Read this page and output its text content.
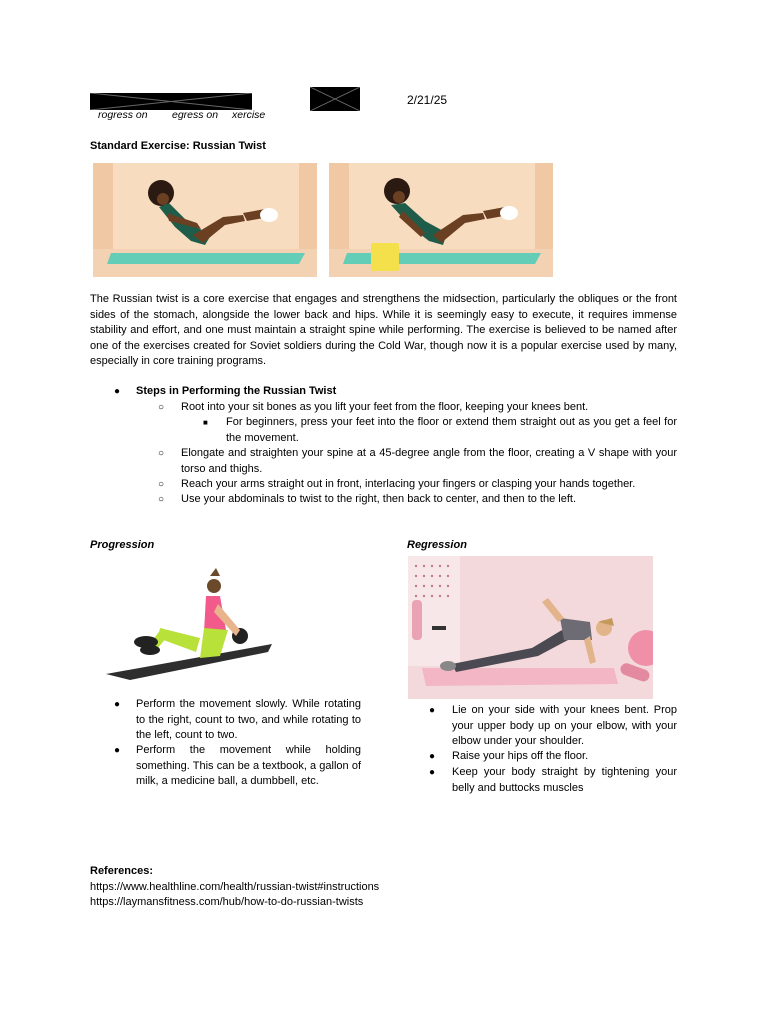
2/21/25
rogress on egress on xercise
Standard Exercise: Russian Twist
The Russian twist is a core exercise that engages and strengthens the midsection, particularly the obliques or the front sides of the stomach, alongside the lower back and hips. While it is seemingly easy to execute, it requires immense stability and effort, and one must maintain a straight spine while performing. The exercise is believed to be named after one of the exercises created for Soviet soldiers during the Cold War, though now it is a popular exercise used by many, especially in core training programs.
● Steps in Performing the Russian Twist
○ Root into your sit bones as you lift your feet from the floor, keeping your knees bent.
■ For beginners, press your feet into the floor or extend them straight out as you get a feel for the movement.
○ Elongate and straighten your spine at a 45-degree angle from the floor, creating a V shape with your torso and thighs.
○ Reach your arms straight out in front, interlacing your fingers or clasping your hands together.
○ Use your abdominals to twist to the right, then back to center, and then to the left.
Progression
● Perform the movement slowly. While rotating to the right, count to two, and while rotating to the left, count to two.
● Perform the movement while holding something. This can be a textbook, a gallon of milk, a medicine ball, a dumbbell, etc.
Regression
● Lie on your side with your knees bent. Prop your upper body up on your elbow, with your elbow under your shoulder.
● Raise your hips off the floor.
● Keep your body straight by tightening your belly and buttocks muscles
References:
https://www.healthline.com/health/russian-twist#instructions
https://laymansfitness.com/hub/how-to-do-russian-twists
